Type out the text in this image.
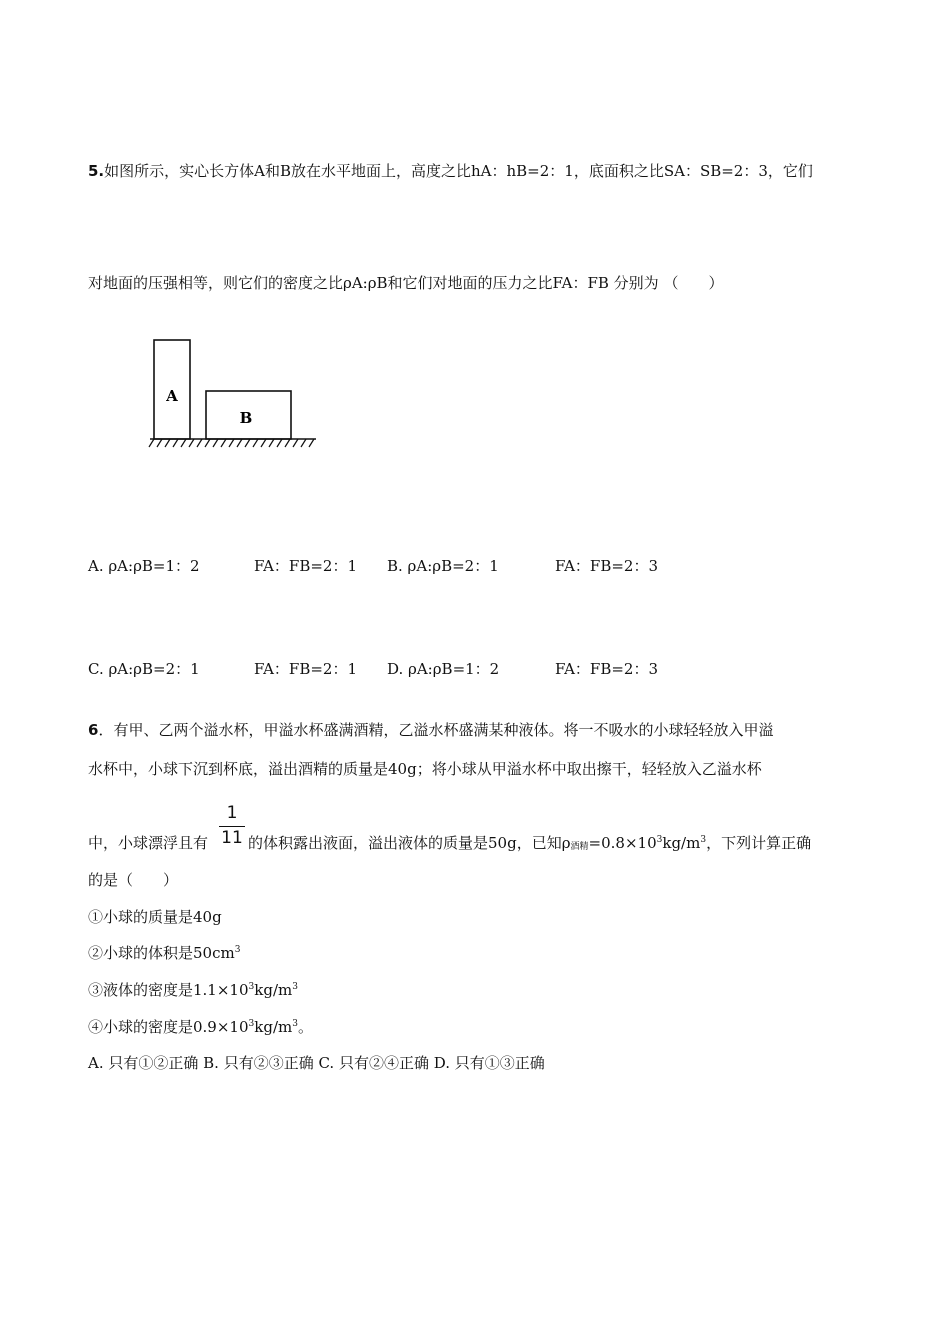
5.如图所示，实心长方体A和B放在水平地面上，高度之比hA：hB=2：1，底面积之比SA：SB=2：3，它们
对地面的压强相等，则它们的密度之比ρA:ρB和它们对地面的压力之比FA：FB 分别为 （　　）
A
B
A. ρA:ρB=1：2	FA：FB=2：1 B. ρA:ρB=2：1	FA：FB=2：3
C. ρA:ρB=2：1	FA：FB=2：1 D. ρA:ρB=1：2	FA：FB=2：3
6．有甲、乙两个溢水杯，甲溢水杯盛满酒精，乙溢水杯盛满某种液体。将一不吸水的小球轻轻放入甲溢
水杯中，小球下沉到杯底，溢出酒精的质量是40g；将小球从甲溢水杯中取出擦干，轻轻放入乙溢水杯
1
11
中，小球漂浮且有	的体积露出液面，溢出液体的质量是50g，已知ρ酒精$=0.8\times 10^3kg/m^3$，下列计算正确
的是（　　）
①小球的质量是40g
②小球的体积是$50cm^3$
③液体的密度是$1.1\times 10^3kg/m^3$
④小球的密度是$0.9\times 10^3kg/m^3$。
A. 只有①②正确 B. 只有②③正确 C. 只有②④正确 D. 只有①③正确
